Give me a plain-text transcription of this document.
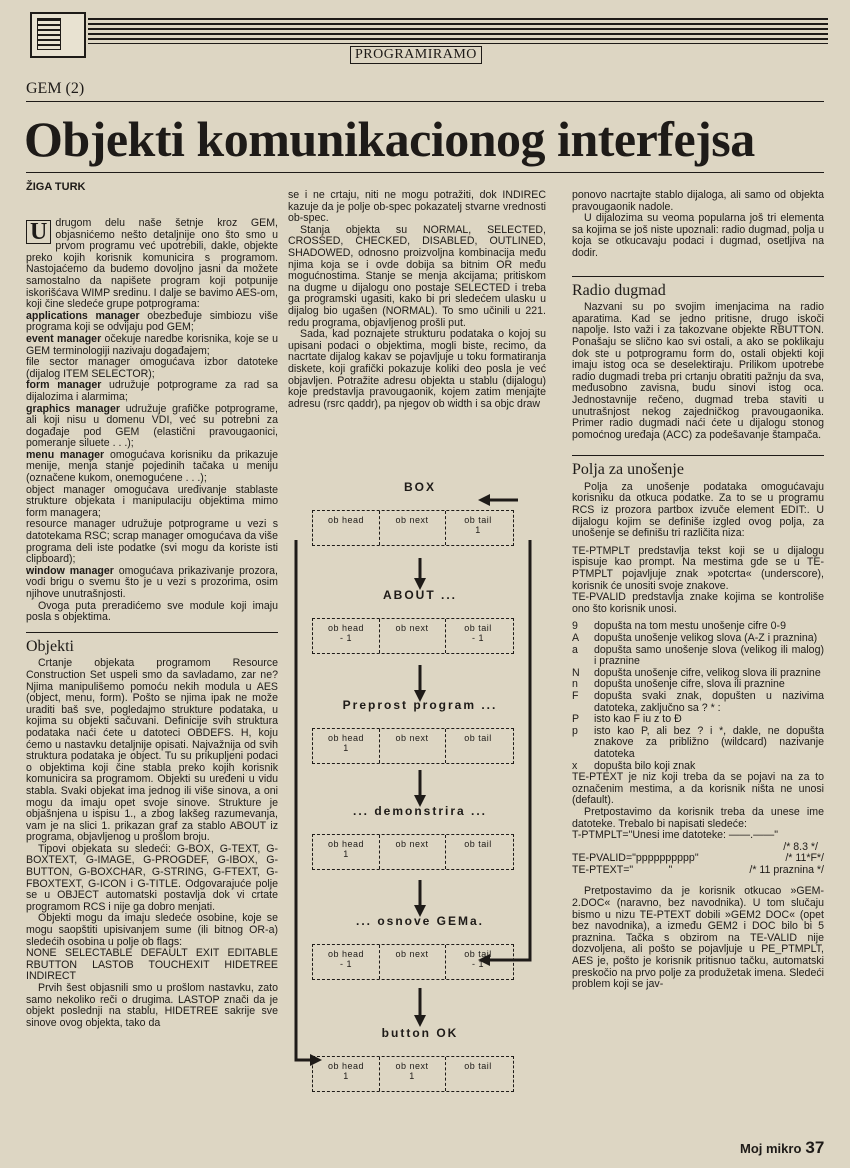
PROGRAMIRAMO
GEM (2)
Objekti komunikacionog interfejsa
ŽIGA TURK

U drugom delu naše šetnje kroz GEM, objasnićemo nešto detaljnije ono što smo u prvom programu već upotrebili, dakle, objekte preko kojih korisnik komunicira s programom. Nastojaćemo da budemo dovoljno jasni da možete samostalno da napišete program koji potpunije iskorišćava WIMP sredinu. I dalje se bavimo AES-om, koji čine sledeće grupe potprograma:

applications manager obezbeđuje simbiozu više programa koji se odvijaju pod GEM;

event manager očekuje naredbe korisnika, koje se u GEM terminologiji nazivaju događajem;

file sector manager omogućava izbor datoteke (dijalog ITEM SELECTOR);

form manager udružuje potprograme za rad sa dijalozima i alarmima;

graphics manager udružuje grafičke potprograme, ali koji nisu u domenu VDI, već su potrebni za događaje pod GEM (elastični pravougaonici, pomeranje siluete . . .);

menu manager omogućava korisniku da prikazuje menije, menja stanje pojedinih tačaka u meniju (označene kukom, onemogućene . . .);

object manager omogućava uređivanje stablaste strukture objekata i manipulaciju objektima mimo form managera;

resource manager udružuje potprograme u vezi s datotekama RSC; scrap manager omogućava da više programa deli iste podatke (svi mogu da koriste isti clipboard);

window manager omogućava prikazivanje prozora, vodi brigu o svemu što je u vezi s prozorima, osim njihove unutrašnjosti.

Ovoga puta preradićemo sve module koji imaju posla s objektima.

Objekti

Crtanje objekata programom Resource Construction Set uspeli smo da savladamo, zar ne? Njima manipulišemo pomoću nekih modula u AES (object, menu, form). Pošto se njima ipak ne može uraditi baš sve, pogledajmo strukture podataka, u kojima su objekti sačuvani. Definicije svih struktura podataka naći ćete u datoteci OBDEFS. H, koju ćemo u nastavku detaljnije opisati. Najvažnija od svih struktura podataka je object. Tu su prikupljeni podaci o objektima koji čine stabla preko kojih korisnik komunicira sa programom. Objekti su uređeni u vidu stabla. Svaki objekat ima jednog ili više sinova, a oni mogu da imaju opet svoje sinove. Strukture je objašnjena u ispisu 1., a zbog lakšeg razumevanja, vam je na slici 1. prikazan graf za stablo ABOUT iz programa, objavljenog u prošlom broju.

Tipovi objekata su sledeći: G-BOX, G-TEXT, G-BOXTEXT, G-IMAGE, G-PROGDEF, G-IBOX, G-BUTTON, G-BOXCHAR, G-STRING, G-FTEXT, G-FBOXTEXT, G-ICON i G-TITLE. Odgovarajuće polje se u OBJECT automatski postavlja dok vi crtate programom RCS i nije ga dobro menjati.

Objekti mogu da imaju sledeće osobine, koje se mogu saopštiti upisivanjem sume (ili bitnog OR-a) sledećih osobina u polje ob flags:

NONE SELECTABLE DEFAULT EXIT EDITABLE RBUTTON LASTOB TOUCHEXIT HIDETREE INDIRECT

Prvih šest objasnili smo u prošlom nastavku, zato samo nekoliko reči o drugima. LASTOP znači da je objekt poslednji na stablu, HIDETREE sakrije sve sinove ovog objekta, tako da

se i ne crtaju, niti ne mogu potražiti, dok INDIREC kazuje da je polje ob-spec pokazatelj stvarne vrednosti ob-spec.

Stanja objekta su NORMAL, SELECTED, CROSSED, CHECKED, DISABLED, OUTLINED, SHADOWED, odnosno proizvoljna kombinacija među njima koja se i ovde dobija sa bitnim OR među mogućnostima. Stanje se menja akcijama; pritiskom na dugme u dijalogu ono postaje SELECTED i treba ga programski ugasiti, kako bi pri sledećem ulasku u dijalog bio ugašen (NORMAL). To smo učinili u 221. redu programa, objavljenog prošli put.

Sada, kad poznajete strukturu podataka o kojoj su upisani podaci o objektima, mogli biste, recimo, da nacrtate dijalog kakav se pojavljuje u toku formatiranja diskete, koji grafički pokazuje koliki deo posla je već objavljen. Potražite adresu objekta u stablu (dijalogu) koje predstavlja pravougaonik, kojem zatim menjajte adresu (rsrc qaddr), pa njegov ob width i sa objc draw

BOX
ob head	ob next	ob tail
1
ABOUT ...
ob head
- 1
ob next	ob tail
- 1
Preprost program ...
ob head
1
ob next	ob tail
... demonstrira ...
ob head
1
ob next	ob tail
... osnove GEMa.
ob head
- 1
ob next	ob tail
- 1
button OK
ob head
1
ob next
1
ob tail

ponovo nacrtajte stablo dijaloga, ali samo od objekta pravougaonik nadole.

U dijalozima su veoma popularna još tri elementa sa kojima se još niste upoznali: radio dugmad, polja u koja se otkucavaju podaci i dugmad, osetljiva na dodir.

Radio dugmad

Nazvani su po svojim imenjacima na radio aparatima. Kad se jedno pritisne, drugo iskoči napolje. Isto važi i za takozvane objekte RBUTTON. Ponašaju se slično kao svi ostali, a ako se poklikaju dok ste u potprogramu form do, ostali objekti koji imaju istog oca se deselektiraju. Prilikom upotrebe radio dugmadi treba pri crtanju obratiti pažnju da sva, međusobno zavisna, budu sinovi istog oca. Jednostavnije rečeno, dugmad treba staviti u unutrašnjost nekog zajedničkog pravougaonika. Primer radio dugmadi naći ćete u dijalogu stonog pomoćnog uređaja (ACC) za podešavanje štampača.

Polja za unošenje

Polja za unošenje podataka omogućavaju korisniku da otkuca podatke. Za to se u programu RCS iz prozora partbox izvuče element EDIT:. U dijalogu kojim se definiše izgled ovog polja, za unošenje se definišu tri različita niza:

TE-PTMPLT predstavlja tekst koji se u dijalogu ispisuje kao prompt. Na mestima gde se u TE-PTMPLT pojavljuje znak »potcrta« (underscore), korisnik će unositi svoje znakove.

TE-PVALID predstavlja znake kojima se kontroliše ono što korisnik unosi.

9	dopušta na tom mestu unošenje cifre 0-9
A	dopušta unošenje velikog slova (A-Z i praznina)
a	dopušta samo unošenje slova (velikog ili malog) i praznine
N	dopušta unošenje cifre, velikog slova ili praznine
n	dopušta unošenje cifre, slova ili praznine
F	dopušta svaki znak, dopušten u nazivima datoteka, zaključno sa ? * :
P	isto kao F iu z to Đ
p	isto kao P, ali bez ? i *, dakle, ne dopušta znakove za približno (wildcard) nazivanje datoteka
x	dopušta bilo koji znak

TE-PTEXT je niz koji treba da se pojavi na za to označenim mestima, a da korisnik ništa ne unosi (default).

Pretpostavimo da korisnik treba da unese ime datoteke. Trebalo bi napisati sledeće:

T-PTMPLT="Unesi ime datoteke: ——.——"
/* 8.3 */
TE-PVALID="pppppppppp"	/* 11*F*/
TE-PTEXT="            "	/* 11 praznina */

Pretpostavimo da je korisnik otkucao »GEM-2.DOC« (naravno, bez navodnika). U tom slučaju bismo u nizu TE-PTEXT dobili »GEM2 DOC« (opet bez navodnika), a između GEM2 i DOC bilo bi 5 praznina. Tačka s obzirom na TE-VALID nije dozvoljena, ali pošto se pojavljuje u PE_PTMPLT, AES je, pošto je korisnik pritisnuo tačku, automatski preskočio na prvo polje za produžetak imena. Sledeći problem koji se jav-

Moj mikro 37
